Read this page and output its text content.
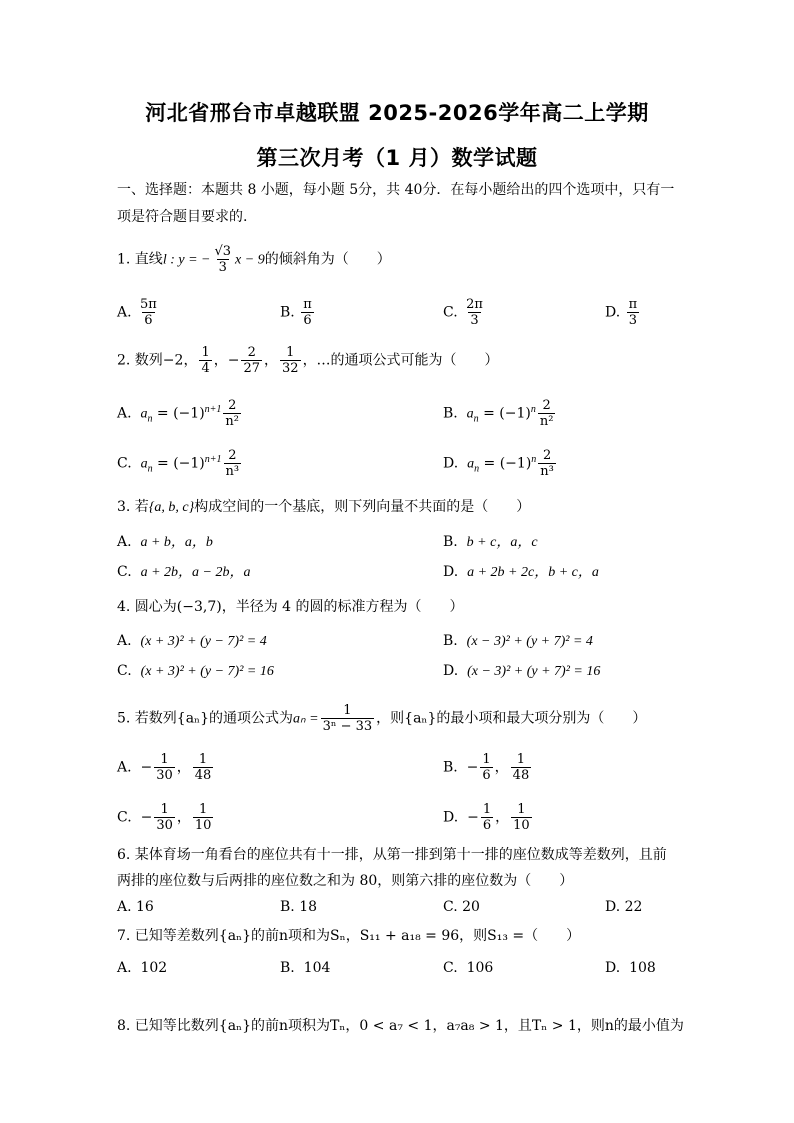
河北省邢台市卓越联盟 2025-2026学年高二上学期
第三次月考（1 月）数学试题
一、选择题：本题共 8 小题，每小题 5分，共 40分．在每小题给出的四个选项中，只有一
项是符合题目要求的.
1. 直线l : y = − $\frac{√3}{3}$ x − 9的倾斜角为（　　）
A. $\frac{5\pi}{6}$	B. $\frac{\pi}{6}$	C. $\frac{2\pi}{3}$	D. $\frac{\pi}{3}$
2. 数列−2， $\frac{1}{4}$ ，− $\frac{2}{27}$ ， $\frac{1}{32}$ ，…的通项公式可能为（　　）
A. $a_n = (-1)^{n+1} \frac{2}{\text{n²}}$	B. $a_n = (-1)^n \frac{2}{\text{n²}}$
C. $a_n = (-1)^{n+1} \frac{2}{\text{n³}}$	D. $a_n = (-1)^n \frac{2}{\text{n³}}$
3. 若{a, b, c}构成空间的一个基底，则下列向量不共面的是（　　）
A. a + b，a，b	B. b + c，a，c
C. a + 2b，a − 2b，a	D. a + 2b + 2c，b + c，a
4. 圆心为(−3,7)，半径为 4 的圆的标准方程为（　　）
A. (x + 3)² + (y − 7)² = 4	B. (x − 3)² + (y + 7)² = 4
C. (x + 3)² + (y − 7)² = 16	D. (x − 3)² + (y + 7)² = 16
5. 若数列{aₙ}的通项公式为$a_n = \frac{1}{\text{3ⁿ − 33}}$ ，则{aₙ}的最小项和最大项分别为（　　）
A.  − $\frac{1}{30}$ ， $\frac{1}{48}$	B.  − $\frac{1}{6}$ ， $\frac{1}{48}$
C.  − $\frac{1}{30}$ ， $\frac{1}{10}$	D.  − $\frac{1}{6}$ ， $\frac{1}{10}$
6. 某体育场一角看台的座位共有十一排，从第一排到第十一排的座位数成等差数列，且前
两排的座位数与后两排的座位数之和为 80，则第六排的座位数为（　　）
A. 16	B. 18	C. 20	D. 22
7. 已知等差数列{aₙ}的前n项和为Sₙ，S₁₁ + a₁₈ = 96，则S₁₃ =（　　）
A. 102	B. 104	C. 106	D. 108
8. 已知等比数列{aₙ}的前n项积为Tₙ，0 < a₇ < 1，a₇a₈ > 1，且Tₙ > 1，则n的最小值为
